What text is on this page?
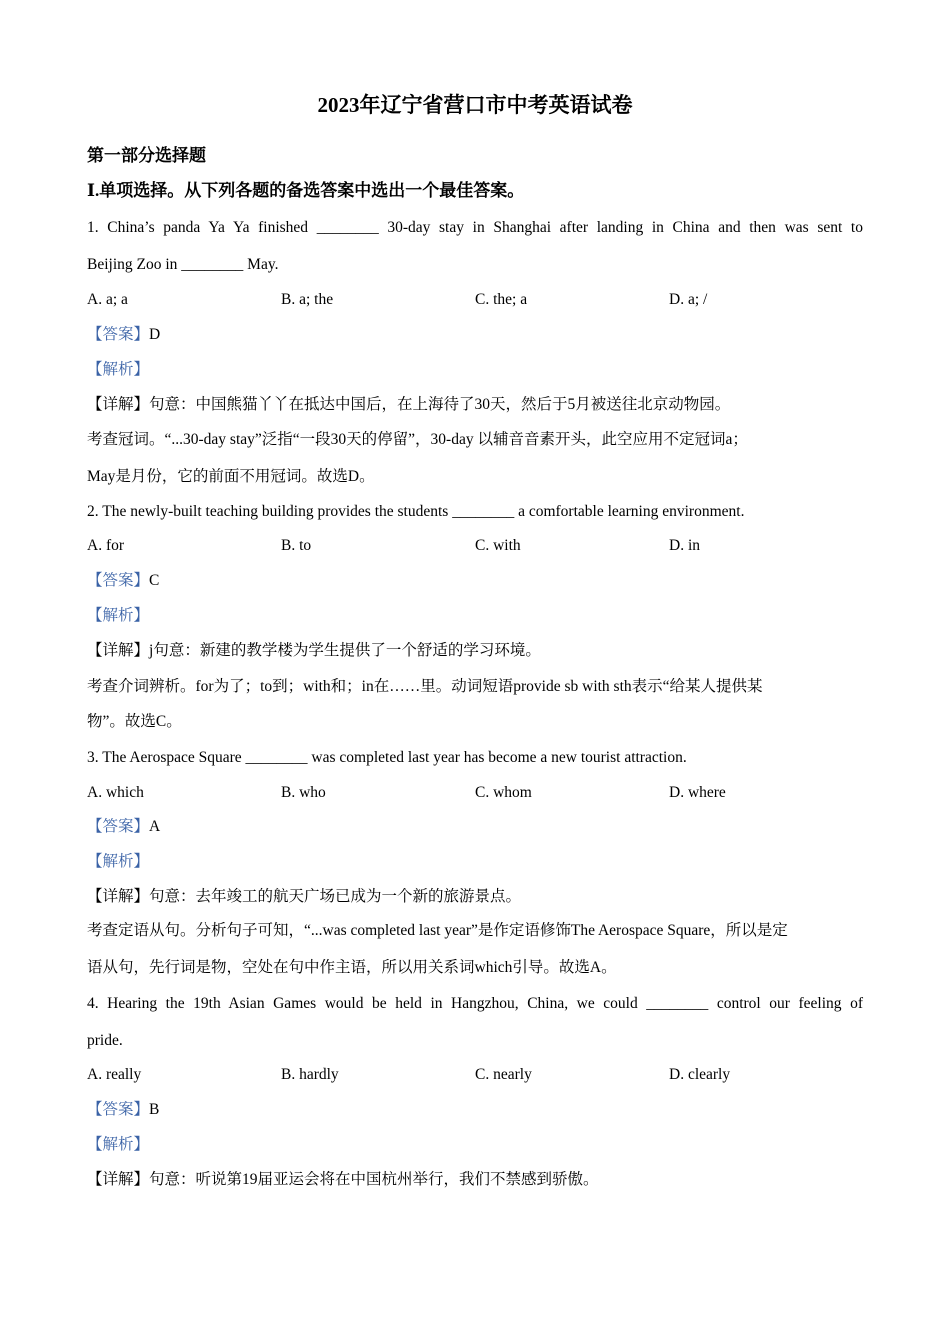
2023年辽宁省营口市中考英语试卷
第一部分选择题
Ⅰ.单项选择。从下列各题的备选答案中选出一个最佳答案。
1. China’s panda Ya Ya finished ________ 30-day stay in Shanghai after landing in China and then was sent to
Beijing Zoo in ________ May.
A. a; a	B. a; the	C. the; a	D. a; /
【答案】D
【解析】
【详解】句意：中国熊猫丫丫在抵达中国后，在上海待了30天，然后于5月被送往北京动物园。
考查冠词。“...30-day stay”泛指“一段30天的停留”，30-day 以辅音音素开头，此空应用不定冠词a；
May是月份，它的前面不用冠词。故选D。
2. The newly-built teaching building provides the students ________ a comfortable learning environment.
A. for	B. to	C. with	D. in
【答案】C
【解析】
【详解】j句意：新建的教学楼为学生提供了一个舒适的学习环境。
考查介词辨析。for为了；to到；with和；in在……里。动词短语provide sb with sth表示“给某人提供某
物”。故选C。
3. The Aerospace Square ________ was completed last year has become a new tourist attraction.
A. which	B. who	C. whom	D. where
【答案】A
【解析】
【详解】句意：去年竣工的航天广场已成为一个新的旅游景点。
考查定语从句。分析句子可知，“...was completed last year”是作定语修饰The Aerospace Square，所以是定
语从句，先行词是物，空处在句中作主语，所以用关系词which引导。故选A。
4. Hearing the 19th Asian Games would be held in Hangzhou, China, we could ________ control our feeling of
pride.
A. really	B. hardly	C. nearly	D. clearly
【答案】B
【解析】
【详解】句意：听说第19届亚运会将在中国杭州举行，我们不禁感到骄傲。
